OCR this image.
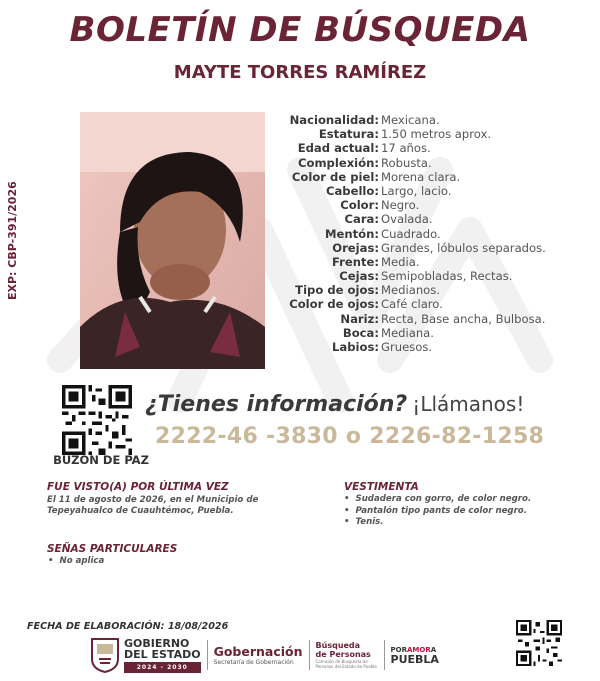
BOLETÍN DE BÚSQUEDA
MAYTE TORRES RAMÍREZ
EXP: CBP-391/2026
Nacionalidad: Mexicana.
Estatura: 1.50 metros aprox.
Edad actual: 17 años.
Complexión: Robusta.
Color de piel: Morena clara.
Cabello: Largo, lacio.
Color: Negro.
Cara: Ovalada.
Mentón: Cuadrado.
Orejas: Grandes, lóbulos separados.
Frente: Media.
Cejas: Semipobladas, Rectas.
Tipo de ojos: Medianos.
Color de ojos: Café claro.
Nariz: Recta, Base ancha, Bulbosa.
Boca: Mediana.
Labios: Gruesos.
BUZON DE PAZ
¿Tienes información? ¡Llámanos!
2222-46 -3830 o 2226-82-1258
FUE VISTO(A) POR ÚLTIMA VEZ
El 11 de agosto de 2026, en el Municipio de
Tepeyahualco de Cuauhtémoc, Puebla.
VESTIMENTA
• Sudadera con gorro, de color negro.
• Pantalón tipo pants de color negro.
• Tenis.
SEÑAS PARTICULARES
• No aplica
FECHA DE ELABORACIÓN: 18/08/2026
GOBIERNO
DEL ESTADO
2024 - 2030
Gobernación
Secretaría de Gobernación
Búsqueda
de Personas
Comisión de Búsqueda de Personas del Estado de Puebla
PORAMORA
PUEBLA
